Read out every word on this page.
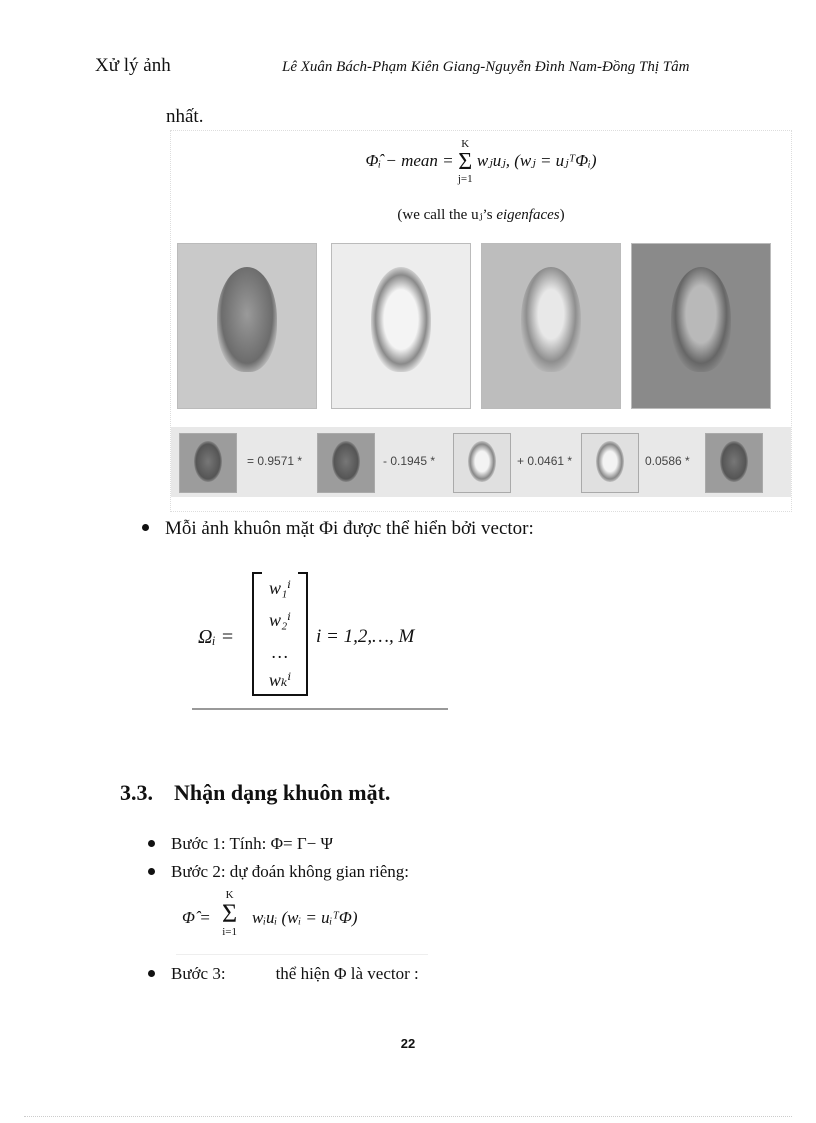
Xử lý ảnh	Lê Xuân Bách-Phạm Kiên Giang-Nguyễn Đình Nam-Đồng Thị Tâm
nhất.
Φ̂ᵢ − mean =
K
Σ
j=1
wⱼuⱼ, (wⱼ = uⱼᵀΦᵢ)
(we call the uⱼ’s eigenfaces)
= 0.9571 *	- 0.1945 *	+ 0.0461 *	0.0586 *
Mỗi ảnh khuôn mặt Φi được thể hiển bởi vector:
Ωᵢ =
w₁ⁱ
w₂ⁱ
…
wₖⁱ
i = 1,2,…, M
3.3. Nhận dạng khuôn mặt.
Bước 1: Tính: Φ= Γ− Ψ
Bước 2: dự đoán không gian riêng:
Φ̂ =
K
Σ
i=1
wᵢuᵢ (wᵢ = uᵢᵀΦ)
Bước 3:	thể hiện Φ là vector :
22
